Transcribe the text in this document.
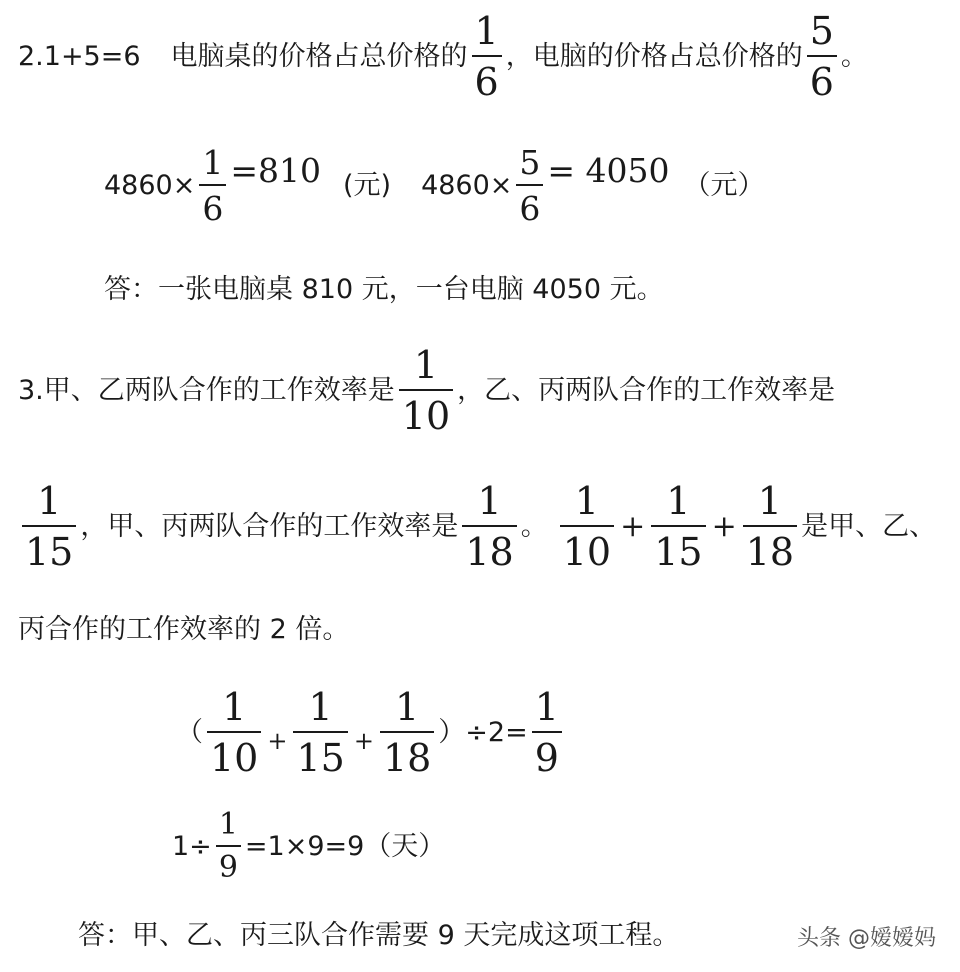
2.1+5=6 电脑桌的价格占总价格的 $\frac{1}{6}$ ，电脑的价格占总价格的 $\frac{5}{6}$ 。
$4860\times \frac{1}{6} =810$ (元) $4860\times \frac{5}{6} = 4050$ （元）
答：一张电脑桌 810 元，一台电脑 4050 元。
3.甲、乙两队合作的工作效率是 $\frac{1}{10}$ ，乙、丙两队合作的工作效率是
$\frac{1}{15}$ ，甲、丙两队合作的工作效率是 $\frac{1}{18}$ 。 $\frac{1}{10} + \frac{1}{15} + \frac{1}{18}$ 是甲、乙、
丙合作的工作效率的 2 倍。
（ $\frac{1}{10} + \frac{1}{15} + \frac{1}{18} )\div 2= \frac{1}{9}$
$1\div \frac{1}{9} =1\times 9=9$（天）
答：甲、乙、丙三队合作需要 9 天完成这项工程。	头条 @嫒嫒妈
